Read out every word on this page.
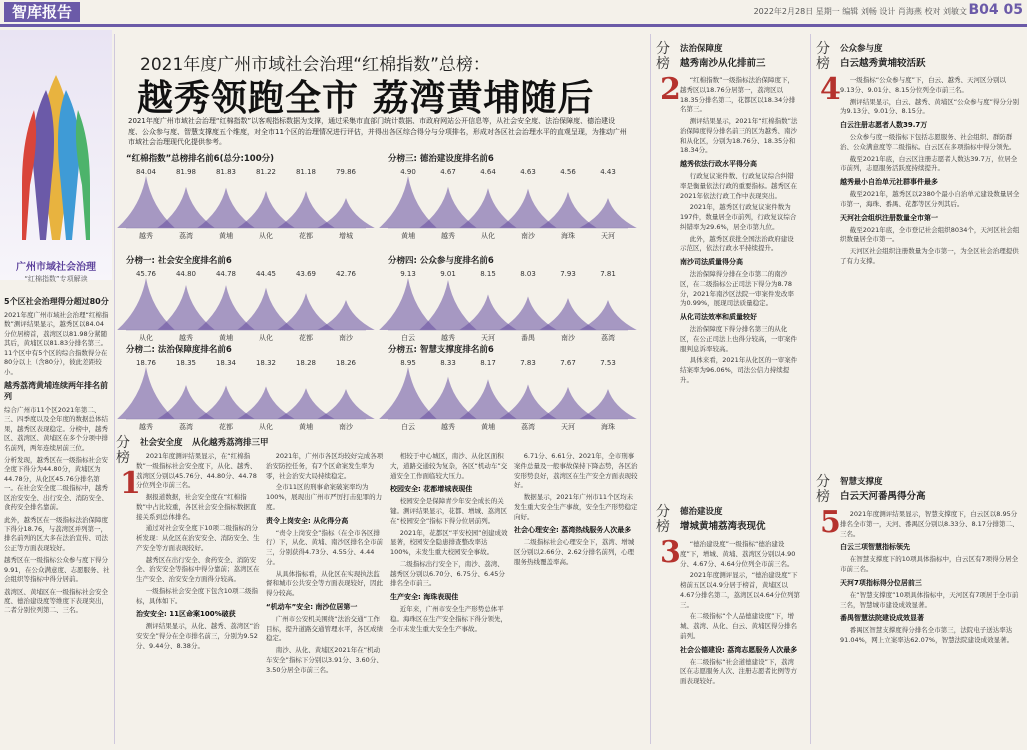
智库报告	2022年2月28日 星期一 编辑 刘畅 设计 肖海燕 校对 刘敏文 B04 05
广州市域社会治理
“红棉指数”专项解读
5个区社会治理得分超过80分

2021年度广州市域社会治理“红棉指数”测评结果显示，越秀区以84.04分位居榜首，荔湾区以81.98分紧随其后，黄埔区以81.83分排名第三。11个区中有5个区的综合指数得分在80分以上（含80分），彼此差距较小。

越秀荔湾黄埔连续两年排名前列

综合广州市11个区2021年第二、三、四季度以及全年度的数据总体结果，越秀区表现稳定。分榜中，越秀区、荔湾区、黄埔区在多个分项中排名前列，两年连续居前三位。

分析发现，越秀区在一级指标社会安全度下得分为44.80分，黄埔区为44.78分，从化区45.76分排名第一。在社会安全度二级指标中，越秀区治安安全、出行安全、消防安全、食药安全排名靠前。

此外，越秀区在一级指标法治保障度下得分18.76，与荔湾区并列第一，排名前列的区大多在法治宣传、司法公正等方面表现较好。

越秀区在一级指标公众参与度下得分9.91，在公众满意度、志愿服务、社会组织等指标中得分居前。

荔湾区、黄埔区在一级指标社会安全度、德治建设度等维度下表现突出，二者分别位列第二、三名。

2021年度广州市域社会治理“红棉指数”总榜：
越秀领跑全市 荔湾黄埔随后
2021年度广州市域社会治理“红棉指数”以客观指标数据为支撑，通过采集市直部门统计数据、市政府网站公开信息等，从社会安全度、法治保障度、德治建设度、公众参与度、智慧支撑度五个维度，对全市11个区的治理情况进行评估，并得出各区综合得分与分项排名，形成对各区社会治理水平的直观呈现，为推动广州市域社会治理现代化提供参考。
“红棉指数”总榜排名前6(总分:100分)
84.04
越秀
81.98
荔湾
81.83
黄埔
81.22
从化
81.18
花都
79.86
增城
分榜一: 社会安全度排名前6
45.76
从化
44.80
越秀
44.78
黄埔
44.45
从化
43.69
花都
42.76
南沙
分榜二: 法治保障度排名前6
18.76
越秀
18.35
荔湾
18.34
花都
18.32
从化
18.28
黄埔
18.26
南沙
分榜三: 德治建设度排名前6
4.90
黄埔
4.67
越秀
4.64
从化
4.63
南沙
4.56
海珠
4.43
天河
分榜四: 公众参与度排名前6
9.13
白云
9.01
越秀
8.15
天河
8.03
番禺
7.93
南沙
7.81
荔湾
分榜五: 智慧支撑度排名前6
8.95
白云
8.33
越秀
8.17
黄埔
7.83
荔湾
7.67
天河
7.53
海珠
分榜
2
法治保障度
越秀南沙从化排前三
分榜
4
公众参与度
白云越秀黄埔较活跃
分榜
1
社会安全度 从化越秀荔湾排三甲
分榜
3
德治建设度
增城黄埔荔湾表现优
分榜
5
智慧支撑度
白云天河番禺得分高

2021年度测评结果显示，在“红棉指数”一级指标社会安全度下，从化、越秀、荔湾区分别以45.76分、44.80分、44.78分位列全市前三名。

据报道数据，社会安全度在“红棉指数”中占比较重，各区社会安全指标数据直接关系到总体排名。

通过对社会安全度下10项二级指标的分析发现：从化区在治安安全、消防安全、生产安全等方面表现较好。

越秀区在出行安全、食药安全、消防安全、治安安全等指标中得分靠前；荔湾区在生产安全、治安安全方面得分较高。

一级指标社会安全度下包含10项二级指标，具体如下。

治安安全: 11区命案100%破获

测评结果显示，从化、越秀、荔湾区“治安安全”得分在全市排名前三，分别为9.52分、9.44分、8.38分。

2021年，广州市各区均较好完成各项治安防控任务，有7个区命案发生率为零，社会治安大局持续稳定。

全市11区的刑事命案破案率均为100%，展现出广州市严厉打击犯罪的力度。

责令上岗安全: 从化得分高

“责令上岗安全”指标（在全市各区排行）下，从化、黄埔、南沙区排名全市前三，分别获得4.73分、4.55分、4.44分。

从具体指标看，从化区在实现执法监督和城市公共安全等方面表现较好，因此得分较高。

“机动车”安全: 南沙位居第一

广州市公安机关围绕“法治交通”工作目标，提升道路交通管理水平，各区成绩稳定。

南沙、从化、黄埔区2021年在“机动车安全”指标下分别以3.91分、3.60分、3.50分居全市前三名。

相较于中心城区，南沙、从化区面积大，道路交通较为复杂，各区“机动车”交通安全工作面临较大压力。

校园安全: 花都增城表现佳

校园安全是保障青少年安全成长的关键。测评结果显示，花都、增城、荔湾区在“校园安全”指标下得分位居前列。

2021年，花都区“平安校园”创建成效显著，校园安全隐患排查整改率达100%，未发生重大校园安全事故。

二级指标出行安全下，南沙、荔湾、越秀区分别以6.70分、6.75分、6.45分排名全市前三。

生产安全: 海珠表现佳

近年来，广州市安全生产形势总体平稳。海珠区在生产安全指标下得分领先，全市未发生重大安全生产事故。

6.71分、6.61分、2021年，全市刑事案件总量及一般事故保持下降态势，各区治安形势良好，荔湾区在生产安全方面表现较好。

数据显示，2021年广州市11个区均未发生重大安全生产事故，安全生产形势稳定向好。

社会心理安全: 荔湾热线服务人次最多

二级指标社会心理安全下，荔湾、增城区分别以2.66分、2.62分排名前列，心理服务热线覆盖率高。

“红棉指数”一级指标法治保障度下，越秀区以18.76分居第一，荔湾区以18.35分排名第二，花都区以18.34分排名第三。

测评结果显示，2021年“红棉指数”法治保障度得分排名前三的区为越秀、南沙和从化区，分别为18.76分、18.35分和18.34分。

越秀依法行政水平得分高

行政复议案件数、行政复议综合纠错率是衡量依法行政的重要指标。越秀区在2021年依法行政工作中表现突出。

2021年，越秀区行政复议案件数为197件，数量居全市前列，行政复议综合纠错率为29.6%，居全市第九位。

此外，越秀区获批全国法治政府建设示范区，依法行政水平持续提升。

南沙司法质量得分高

法治保障得分排在全市第二的南沙区，在二级指标公正司法下得分为8.78分，2021年南沙区法院一审案件发改率为0.99%，展现司法质量稳定。

从化司法效率和质量较好

法治保障度下得分排名第三的从化区，在公正司法上也得分较高，一审案件服判息诉率较高。

具体来看，2021年从化区的一审案件结案率为96.06%，司法公信力持续提升。

“德治建设度”一级指标“德治建设度”下，增城、黄埔、荔湾区分别以4.90分、4.67分、4.64分位列全市前三名。

2021年度测评显示，“德治建设度”下榜前五区以4.9分居于榜首，黄埔区以4.67分排名第二，荔湾区以4.64分位列第三。

在二级指标“个人品德建设度”下，增城、荔湾、从化、白云、黄埔区得分排名前列。

社会公德建设: 荔湾志愿服务人次最多

在二级指标“社会道德建设”下，荔湾区在志愿服务人次、注册志愿者比例等方面表现较好。

一级指标“公众参与度”下，白云、越秀、天河区分别以9.13分、9.01分、8.15分位列全市前三名。

测评结果显示，白云、越秀、黄埔区“公众参与度”得分分别为9.13分、9.01分、8.15分。

白云注册志愿者人数39.7万

公众参与度一级指标下包括志愿服务、社会组织、群防群治、公众满意度等二级指标。白云区在多项指标中得分领先。

截至2021年底，白云区注册志愿者人数达39.7万，位居全市前列，志愿服务活跃度持续提升。

越秀最小自治单元社群事件最多

截至2021年，越秀区以2380个最小自治单元建设数量居全市第一，海珠、番禺、花都等区分列其后。

天河社会组织注册数量全市第一

截至2021年底，全市登记社会组织8034个，天河区社会组织数量居全市第一。

天河区社会组织注册数量为全市第一，为全区社会治理提供了有力支撑。

2021年度测评结果显示，智慧支撑度下，白云区以8.95分排名全市第一，天河、番禺区分别以8.33分、8.17分排第二、三名。

白云三项智慧指标领先

在智慧支撑度下的10项具体指标中，白云区有7项得分居全市前三名。

天河7项指标得分位居前三

在“智慧支撑度”10项具体指标中，天河区有7项居于全市前三名，智慧城市建设成效显著。

番禺智慧法院建设成效显著

番禺区智慧支撑度得分排名全市第三，法院电子送达率达91.04%，网上立案率达62.07%，智慧法院建设成效显著。
